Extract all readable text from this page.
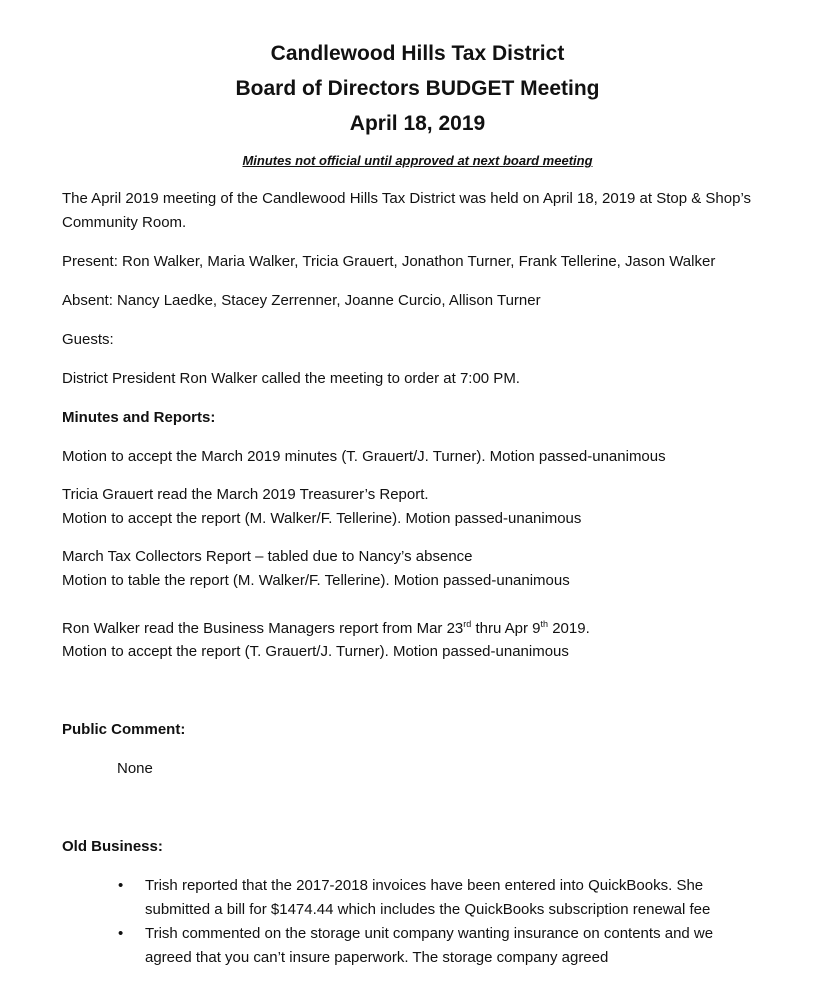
Candlewood Hills Tax District
Board of Directors BUDGET Meeting
April 18, 2019
Minutes not official until approved at next board meeting

The April 2019 meeting of the Candlewood Hills Tax District was held on April 18, 2019 at Stop & Shop’s Community Room.

Present: Ron Walker, Maria Walker, Tricia Grauert, Jonathon Turner, Frank Tellerine, Jason Walker

Absent: Nancy Laedke, Stacey Zerrenner, Joanne Curcio, Allison Turner

Guests:

District President Ron Walker called the meeting to order at 7:00 PM.

Minutes and Reports:

Motion to accept the March 2019 minutes (T. Grauert/J. Turner). Motion passed-unanimous

Tricia Grauert read the March 2019 Treasurer’s Report.

Motion to accept the report (M. Walker/F. Tellerine). Motion passed-unanimous

March Tax Collectors Report – tabled due to Nancy’s absence

Motion to table the report (M. Walker/F. Tellerine). Motion passed-unanimous

Ron Walker read the Business Managers report from Mar 23rd thru Apr 9th 2019.

Motion to accept the report (T. Grauert/J. Turner). Motion passed-unanimous

Public Comment:

None

Old Business:

• Trish reported that the 2017-2018 invoices have been entered into QuickBooks. She
submitted a bill for $1474.44 which includes the QuickBooks subscription renewal fee
• Trish commented on the storage unit company wanting insurance on contents and we
agreed that you can’t insure paperwork. The storage company agreed
